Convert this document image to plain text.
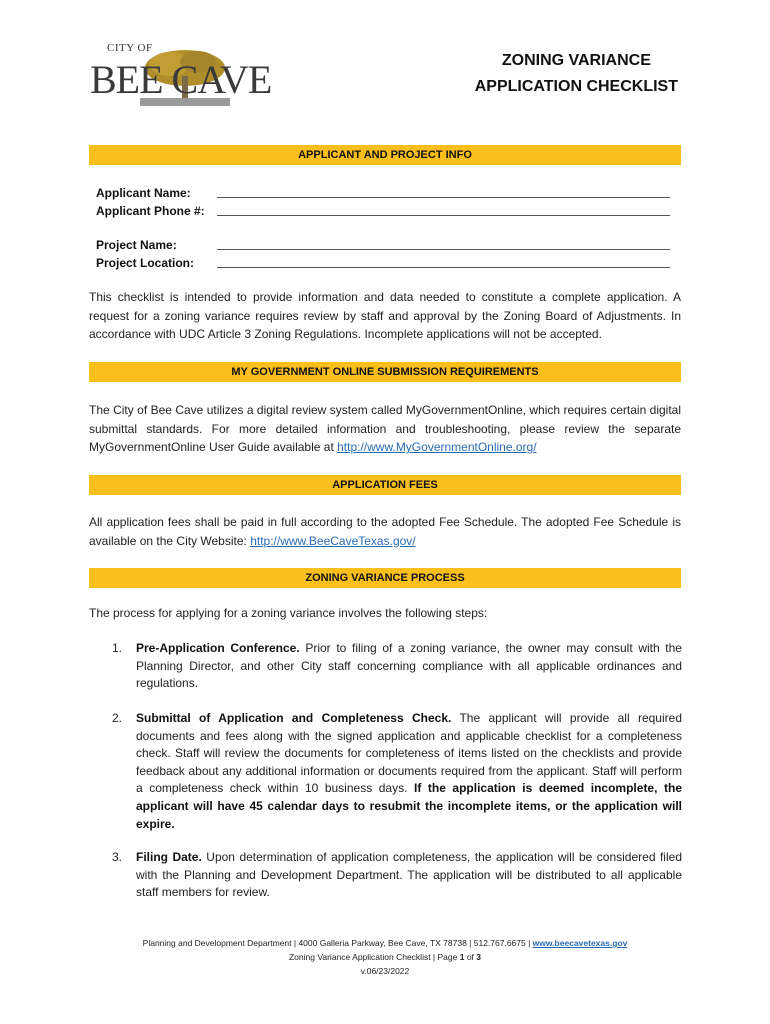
CITY OF
BEE CAVE	ZONING VARIANCE
APPLICATION CHECKLIST
APPLICANT AND PROJECT INFO
Applicant Name:
Applicant Phone #:
Project Name:
Project Location:
This checklist is intended to provide information and data needed to constitute a complete application. A request for a zoning variance requires review by staff and approval by the Zoning Board of Adjustments. In accordance with UDC Article 3 Zoning Regulations. Incomplete applications will not be accepted.
MY GOVERNMENT ONLINE SUBMISSION REQUIREMENTS
The City of Bee Cave utilizes a digital review system called MyGovernmentOnline, which requires certain digital submittal standards. For more detailed information and troubleshooting, please review the separate MyGovernmentOnline User Guide available at http://www.MyGovernmentOnline.org/
APPLICATION FEES
All application fees shall be paid in full according to the adopted Fee Schedule. The adopted Fee Schedule is available on the City Website: http://www.BeeCaveTexas.gov/
ZONING VARIANCE PROCESS
The process for applying for a zoning variance involves the following steps:
1. Pre-Application Conference. Prior to filing of a zoning variance, the owner may consult with the Planning Director, and other City staff concerning compliance with all applicable ordinances and regulations.
2. Submittal of Application and Completeness Check. The applicant will provide all required documents and fees along with the signed application and applicable checklist for a completeness check. Staff will review the documents for completeness of items listed on the checklists and provide feedback about any additional information or documents required from the applicant. Staff will perform a completeness check within 10 business days. If the application is deemed incomplete, the applicant will have 45 calendar days to resubmit the incomplete items, or the application will expire.
3. Filing Date. Upon determination of application completeness, the application will be considered filed with the Planning and Development Department. The application will be distributed to all applicable staff members for review.
Planning and Development Department | 4000 Galleria Parkway, Bee Cave, TX 78738 | 512.767.6675 | www.beecavetexas.gov
Zoning Variance Application Checklist | Page 1 of 3
v.06/23/2022
